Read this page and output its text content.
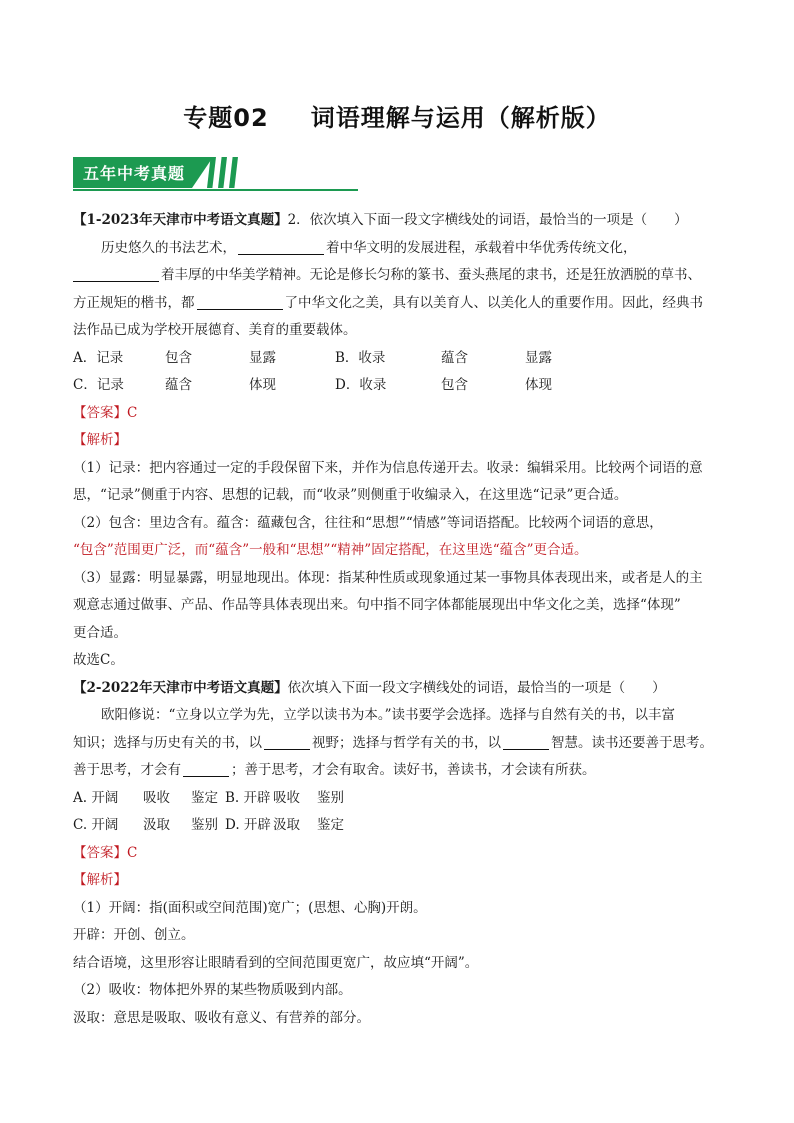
专题02 词语理解与运用（解析版）
五年中考真题
【1-2023年天津市中考语文真题】2．依次填入下面一段文字横线处的词语，最恰当的一项是（　　）
历史悠久的书法艺术，	着中华文明的发展进程，承载着中华优秀传统文化，
着丰厚的中华美学精神。无论是修长匀称的篆书、蚕头燕尾的隶书，还是狂放洒脱的草书、
方正规矩的楷书，都	了中华文化之美，具有以美育人、以美化人的重要作用。因此，经典书
法作品已成为学校开展德育、美育的重要载体。
A．记录	包含	显露	B．收录	蕴含	显露
C．记录	蕴含	体现	D．收录	包含	体现
【答案】C
【解析】
（1）记录：把内容通过一定的手段保留下来，并作为信息传递开去。收录：编辑采用。比较两个词语的意
思，“记录”侧重于内容、思想的记载，而“收录”则侧重于收编录入，在这里选“记录”更合适。
（2）包含：里边含有。蕴含：蕴藏包含，往往和“思想”“情感”等词语搭配。比较两个词语的意思，
“包含”范围更广泛，而“蕴含”一般和“思想”“精神”固定搭配，在这里选“蕴含”更合适。
（3）显露：明显暴露，明显地现出。体现：指某种性质或现象通过某一事物具体表现出来，或者是人的主
观意志通过做事、产品、作品等具体表现出来。句中指不同字体都能展现出中华文化之美，选择“体现”
更合适。
故选C。
【2-2022年天津市中考语文真题】依次填入下面一段文字横线处的词语，最恰当的一项是（　　）
欧阳修说：“立身以立学为先，立学以读书为本。”读书要学会选择。选择与自然有关的书，以丰富
知识；选择与历史有关的书，以	视野；选择与哲学有关的书，以	智慧。读书还要善于思考。
善于思考，才会有	；善于思考，才会有取舍。读好书，善读书，才会读有所获。
A. 开阔 吸收 鉴定 B. 开辟 吸收 鉴别
C. 开阔 汲取 鉴别 D. 开辟 汲取 鉴定
【答案】C
【解析】
（1）开阔：指(面积或空间范围)宽广；(思想、心胸)开朗。
开辟：开创、创立。
结合语境，这里形容让眼睛看到的空间范围更宽广，故应填“开阔”。
（2）吸收：物体把外界的某些物质吸到内部。
汲取：意思是吸取、吸收有意义、有营养的部分。
